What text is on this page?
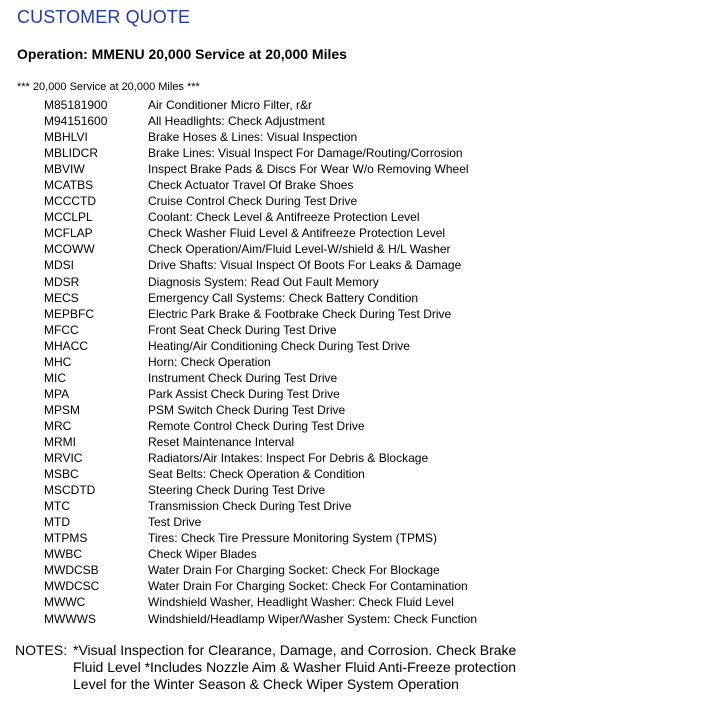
CUSTOMER QUOTE
Operation: MMENU 20,000 Service at 20,000 Miles
*** 20,000 Service at 20,000 Miles ***
M85181900	Air Conditioner Micro Filter, r&r
M94151600	All Headlights: Check Adjustment
MBHLVI	Brake Hoses & Lines: Visual Inspection
MBLIDCR	Brake Lines: Visual Inspect For Damage/Routing/Corrosion
MBVIW	Inspect Brake Pads & Discs For Wear W/o Removing Wheel
MCATBS	Check Actuator Travel Of Brake Shoes
MCCCTD	Cruise Control Check During Test Drive
MCCLPL	Coolant: Check Level & Antifreeze Protection Level
MCFLAP	Check Washer Fluid Level & Antifreeze Protection Level
MCOWW	Check Operation/Aim/Fluid Level-W/shield & H/L Washer
MDSI	Drive Shafts: Visual Inspect Of Boots For Leaks & Damage
MDSR	Diagnosis System: Read Out Fault Memory
MECS	Emergency Call Systems: Check Battery Condition
MEPBFC	Electric Park Brake & Footbrake Check During Test Drive
MFCC	Front Seat Check During Test Drive
MHACC	Heating/Air Conditioning Check During Test Drive
MHC	Horn: Check Operation
MIC	Instrument Check During Test Drive
MPA	Park Assist Check During Test Drive
MPSM	PSM Switch Check During Test Drive
MRC	Remote Control Check During Test Drive
MRMI	Reset Maintenance Interval
MRVIC	Radiators/Air Intakes: Inspect For Debris & Blockage
MSBC	Seat Belts: Check Operation & Condition
MSCDTD	Steering Check During Test Drive
MTC	Transmission Check During Test Drive
MTD	Test Drive
MTPMS	Tires: Check Tire Pressure Monitoring System (TPMS)
MWBC	Check Wiper Blades
MWDCSB	Water Drain For Charging Socket: Check For Blockage
MWDCSC	Water Drain For Charging Socket: Check For Contamination
MWWC	Windshield Washer, Headlight Washer: Check Fluid Level
MWWWS	Windshield/Headlamp Wiper/Washer System: Check Function
NOTES: *Visual Inspection for Clearance, Damage, and Corrosion. Check Brake
Fluid Level *Includes Nozzle Aim & Washer Fluid Anti-Freeze protection
Level for the Winter Season & Check Wiper System Operation
